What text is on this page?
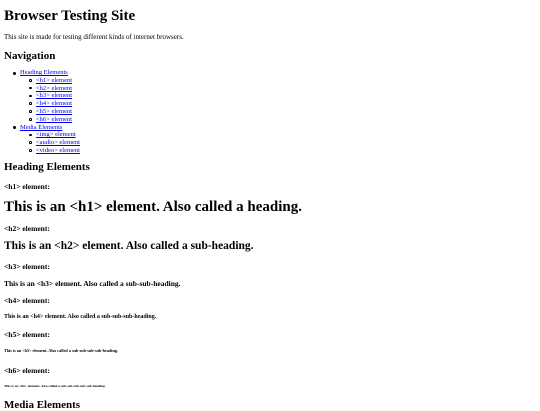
Browser Testing Site

This site is made for testing different kinds of internet browsers.

Navigation
Heading Elements
<h1> element
<h2> element
<h3> element
<h4> element
<h5> element
<h6> element
Media Elements
<img> element
<audio> element
<video> element
Heading Elements
<h1> element:
This is an <h1> element. Also called a heading.
<h2> element:
This is an <h2> element. Also called a sub-heading.
<h3> element:
This is an <h3> element. Also called a sub-sub-heading.
<h4> element:
This is an <h4> element. Also called a sub-sub-sub-heading.
<h5> element:
This is an <h5> element. Also called a sub-sub-sub-sub-heading.
<h6> element:
This is an <h6> element. Also called a sub-sub-sub-sub-sub-heading.
Media Elements
